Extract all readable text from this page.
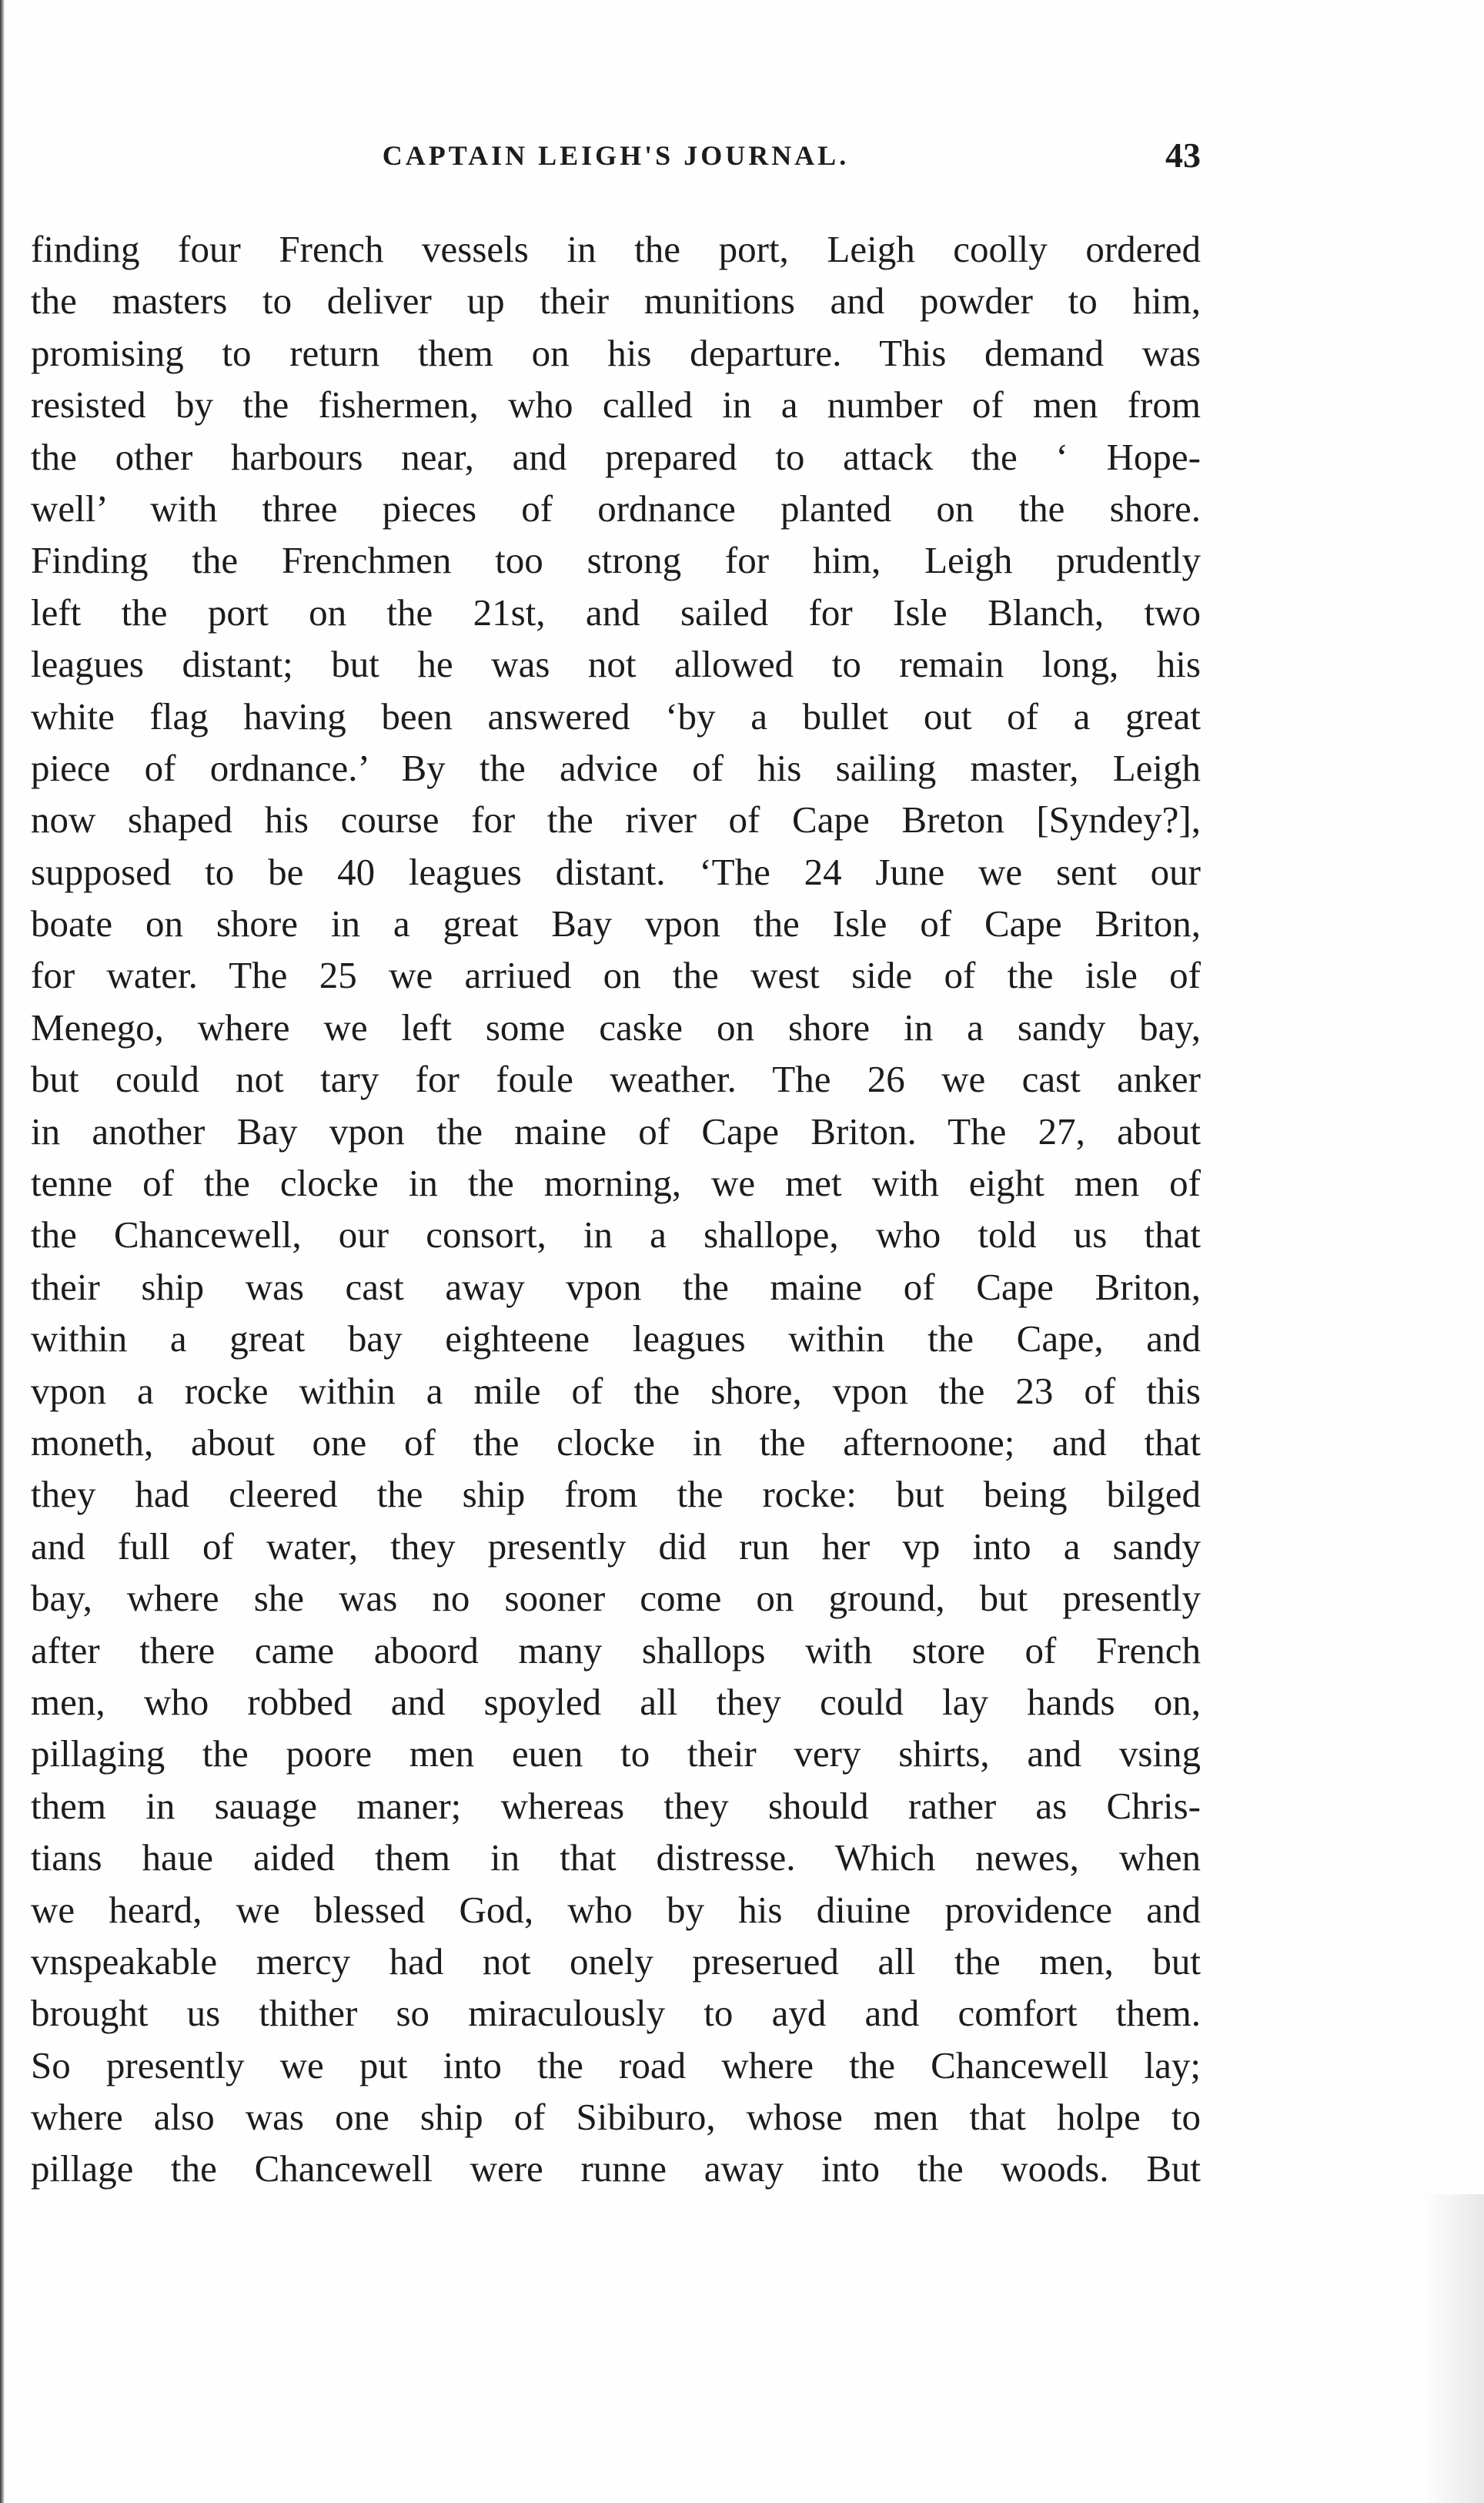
CAPTAIN LEIGH'S JOURNAL.	43
finding four French vessels in the port, Leigh coolly ordered
the masters to deliver up their munitions and powder to him,
promising to return them on his departure. This demand was
resisted by the fishermen, who called in a number of men from
the other harbours near, and prepared to attack the ‘ Hope-
well’ with three pieces of ordnance planted on the shore.
Finding the Frenchmen too strong for him, Leigh prudently
left the port on the 21st, and sailed for Isle Blanch, two
leagues distant; but he was not allowed to remain long, his
white flag having been answered ‘by a bullet out of a great
piece of ordnance.’ By the advice of his sailing master, Leigh
now shaped his course for the river of Cape Breton [Syndey?],
supposed to be 40 leagues distant. ‘The 24 June we sent our
boate on shore in a great Bay vpon the Isle of Cape Briton,
for water. The 25 we arriued on the west side of the isle of
Menego, where we left some caske on shore in a sandy bay,
but could not tary for foule weather. The 26 we cast anker
in another Bay vpon the maine of Cape Briton. The 27, about
tenne of the clocke in the morning, we met with eight men of
the Chancewell, our consort, in a shallope, who told us that
their ship was cast away vpon the maine of Cape Briton,
within a great bay eighteene leagues within the Cape, and
vpon a rocke within a mile of the shore, vpon the 23 of this
moneth, about one of the clocke in the afternoone; and that
they had cleered the ship from the rocke: but being bilged
and full of water, they presently did run her vp into a sandy
bay, where she was no sooner come on ground, but presently
after there came aboord many shallops with store of French
men, who robbed and spoyled all they could lay hands on,
pillaging the poore men euen to their very shirts, and vsing
them in sauage maner; whereas they should rather as Chris-
tians haue aided them in that distresse. Which newes, when
we heard, we blessed God, who by his diuine providence and
vnspeakable mercy had not onely preserued all the men, but
brought us thither so miraculously to ayd and comfort them.
So presently we put into the road where the Chancewell lay;
where also was one ship of Sibiburo, whose men that holpe to
pillage the Chancewell were runne away into the woods. But
